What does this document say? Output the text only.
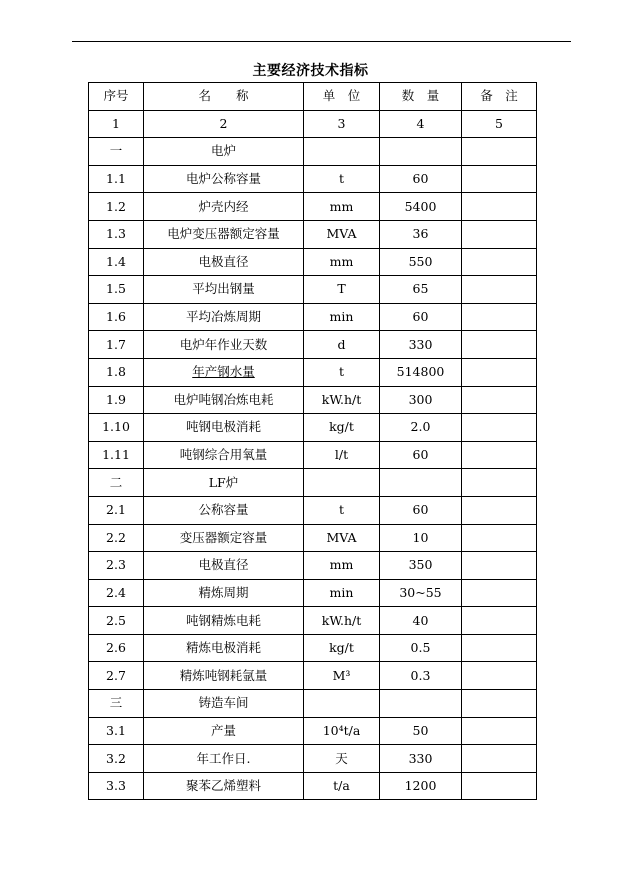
主要经济技术指标
序号	名　　称	单　位	数　量	备　注
1	2	3	4	5
一	电炉			
1.1	电炉公称容量	t	60	
1.2	炉壳内经	mm	5400	
1.3	电炉变压器额定容量	MVA	36	
1.4	电极直径	mm	550	
1.5	平均出钢量	T	65	
1.6	平均冶炼周期	min	60	
1.7	电炉年作业天数	d	330	
1.8	年产钢水量	t	514800	
1.9	电炉吨钢冶炼电耗	kW.h/t	300	
1.10	吨钢电极消耗	kg/t	2.0	
1.11	吨钢综合用氧量	l/t	60	
二	LF炉			
2.1	公称容量	t	60	
2.2	变压器额定容量	MVA	10	
2.3	电极直径	mm	350	
2.4	精炼周期	min	30~55	
2.5	吨钢精炼电耗	kW.h/t	40	
2.6	精炼电极消耗	kg/t	0.5	
2.7	精炼吨钢耗氩量	M³	0.3	
三	铸造车间			
3.1	产量	10⁴t/a	50	
3.2	年工作日.	天	330	
3.3	聚苯乙烯塑料	t/a	1200	
